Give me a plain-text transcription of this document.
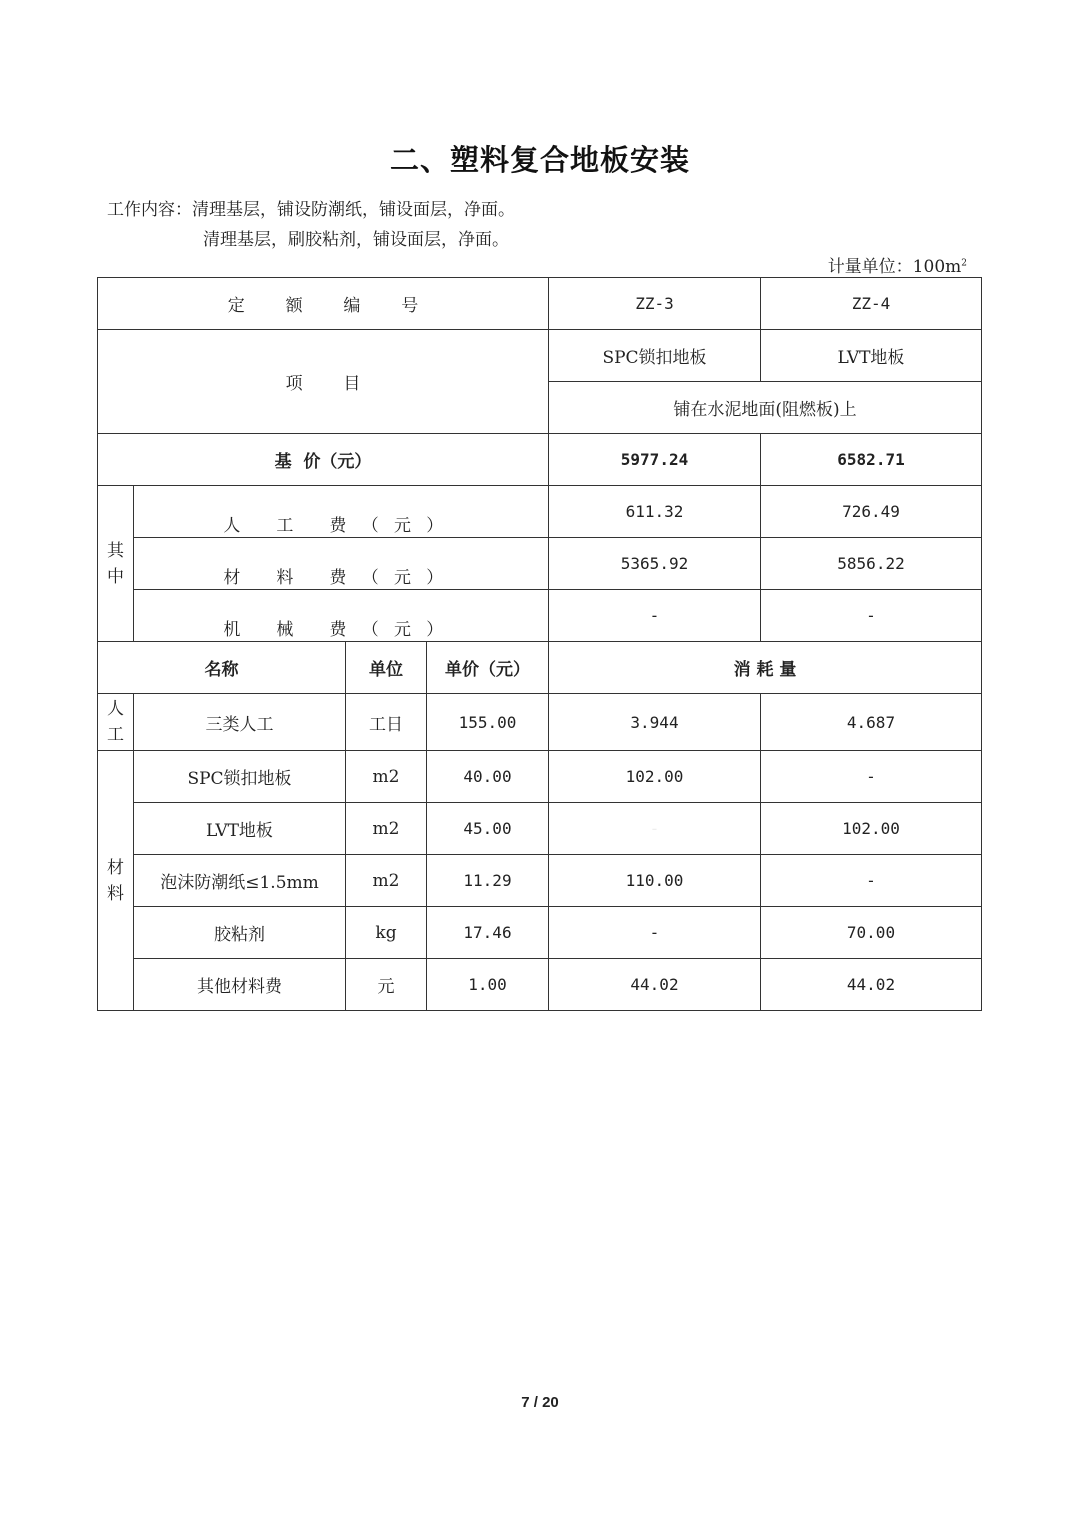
二、塑料复合地板安装
工作内容：清理基层，铺设防潮纸，铺设面层，净面。
清理基层，刷胶粘剂，铺设面层，净面。
计量单位：$100m^2$
定额编号				ZZ-3	ZZ-4
项目				SPC锁扣地板	LVT地板
				铺在水泥地面(阻燃板)上	
基  价（元）				5977.24	6582.71
其中	人 工 费（元）			611.32	726.49

	材 料 费（元）			5365.92	5856.22

	机 械 费（元）			-	-
名称		单位	单价（元）	消 耗 量	
人工	三类人工	工日	155.00	3.944	4.687
材料	SPC锁扣地板	m2	40.00	102.00	-
	LVT地板	m2	45.00	-	102.00
	泡沫防潮纸≤1.5mm	m2	11.29	110.00	-
	胶粘剂	kg	17.46	-	70.00
	其他材料费	元	1.00	44.02	44.02
7 / 20
